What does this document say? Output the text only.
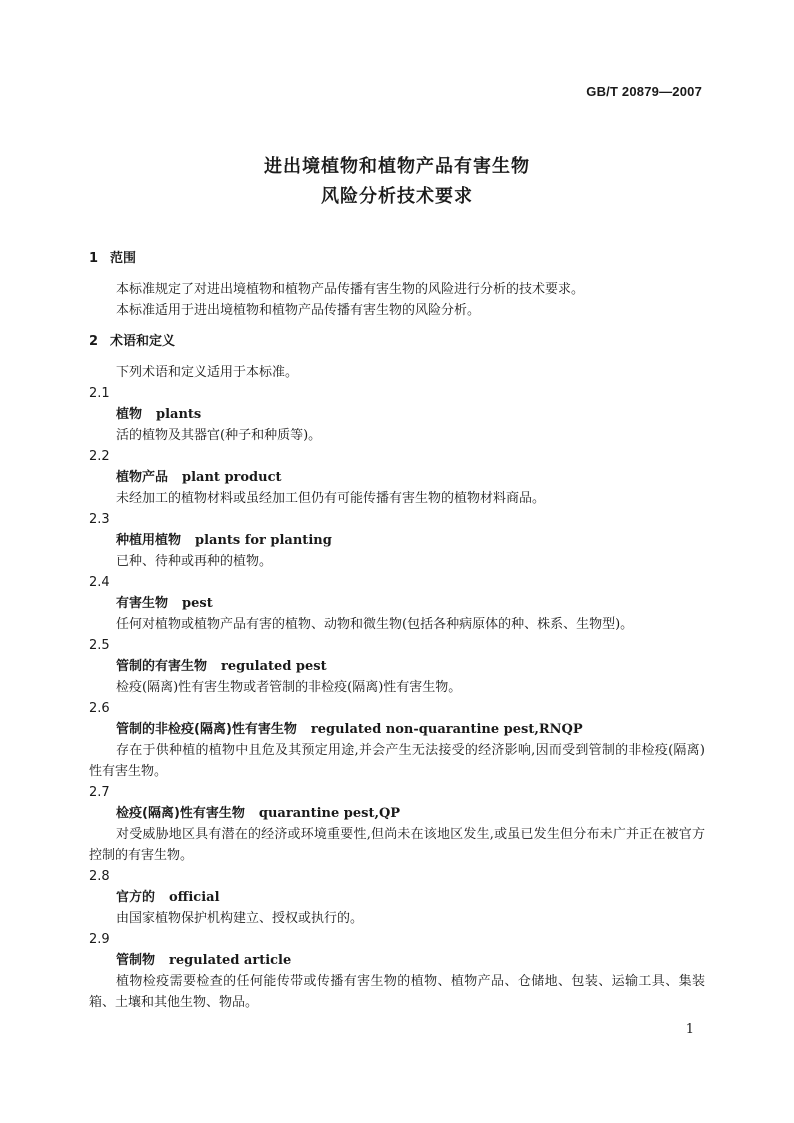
GB/T 20879—2007
进出境植物和植物产品有害生物
风险分析技术要求
1 范围
本标准规定了对进出境植物和植物产品传播有害生物的风险进行分析的技术要求。
本标准适用于进出境植物和植物产品传播有害生物的风险分析。
2 术语和定义
下列术语和定义适用于本标准。
2.1
植物 plants
活的植物及其器官(种子和种质等)。
2.2
植物产品 plant product
未经加工的植物材料或虽经加工但仍有可能传播有害生物的植物材料商品。
2.3
种植用植物 plants for planting
已种、待种或再种的植物。
2.4
有害生物 pest
任何对植物或植物产品有害的植物、动物和微生物(包括各种病原体的种、株系、生物型)。
2.5
管制的有害生物 regulated pest
检疫(隔离)性有害生物或者管制的非检疫(隔离)性有害生物。
2.6
管制的非检疫(隔离)性有害生物 regulated non-quarantine pest,RNQP
存在于供种植的植物中且危及其预定用途,并会产生无法接受的经济影响,因而受到管制的非检疫(隔离)性有害生物。
2.7
检疫(隔离)性有害生物 quarantine pest,QP
对受威胁地区具有潜在的经济或环境重要性,但尚未在该地区发生,或虽已发生但分布未广并正在被官方控制的有害生物。
2.8
官方的 official
由国家植物保护机构建立、授权或执行的。
2.9
管制物 regulated article
植物检疫需要检查的任何能传带或传播有害生物的植物、植物产品、仓储地、包装、运输工具、集装箱、土壤和其他生物、物品。
1
